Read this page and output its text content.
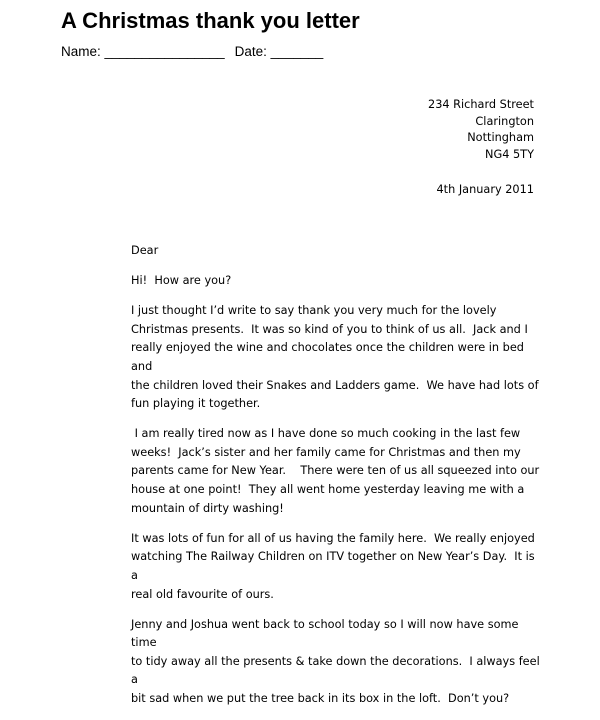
A Christmas thank you letter
Name: ________________ Date: _______
234 Richard Street
Clarington
Nottingham
NG4 5TY
4th January 2011

Dear

Hi!  How are you?

I just thought I’d write to say thank you very much for the lovely
Christmas presents.  It was so kind of you to think of us all.  Jack and I
really enjoyed the wine and chocolates once the children were in bed and
the children loved their Snakes and Ladders game.  We have had lots of
fun playing it together.

I am really tired now as I have done so much cooking in the last few
weeks!  Jack’s sister and her family came for Christmas and then my
parents came for New Year.    There were ten of us all squeezed into our
house at one point!  They all went home yesterday leaving me with a
mountain of dirty washing!

It was lots of fun for all of us having the family here.  We really enjoyed
watching The Railway Children on ITV together on New Year’s Day.  It is a
real old favourite of ours.

Jenny and Joshua went back to school today so I will now have some time
to tidy away all the presents & take down the decorations.  I always feel a
bit sad when we put the tree back in its box in the loft.  Don’t you?
